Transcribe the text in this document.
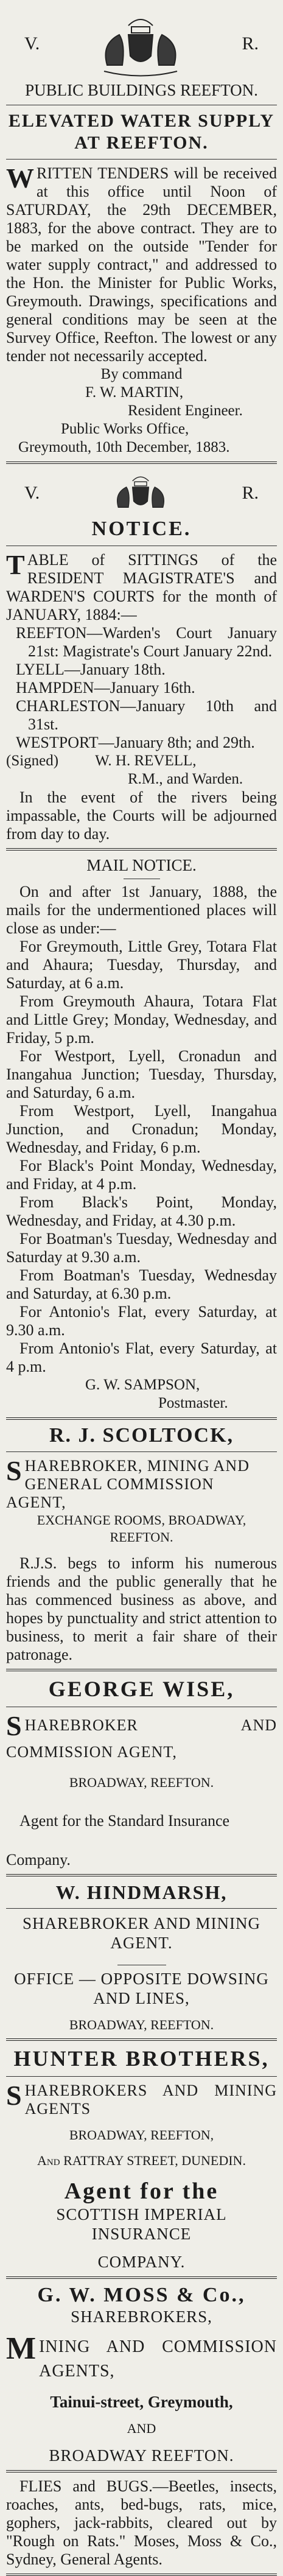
V.	R.
PUBLIC BUILDINGS REEFTON.
ELEVATED WATER SUPPLY AT REEFTON.

WRITTEN TENDERS will be received at this office until Noon of SATURDAY, the 29th DECEMBER, 1883, for the above contract. They are to be marked on the outside "Tender for water supply contract," and addressed to the Hon. the Minister for Public Works, Greymouth. Drawings, specifications and general conditions may be seen at the Survey Office, Reefton. The lowest or any tender not necessarily accepted.

By command
F. W. MARTIN,
Resident Engineer.
Public Works Office,
Greymouth, 10th December, 1883.
V.	R.
NOTICE.

TABLE of SITTINGS of the RESIDENT MAGISTRATE'S and WARDEN'S COURTS for the month of JANUARY, 1884:—

REEFTON—Warden's Court January 21st: Magistrate's Court January 22nd.

LYELL—January 18th.

HAMPDEN—January 16th.

CHARLESTON—January 10th and 31st.

WESTPORT—January 8th; and 29th.

(Signed) W. H. REVELL,
R.M., and Warden.

In the event of the rivers being impassable, the Courts will be adjourned from day to day.

MAIL NOTICE.

On and after 1st January, 1888, the mails for the undermentioned places will close as under:—

For Greymouth, Little Grey, Totara Flat and Ahaura; Tuesday, Thursday, and Saturday, at 6 a.m.

From Greymouth Ahaura, Totara Flat and Little Grey; Monday, Wednesday, and Friday, 5 p.m.

For Westport, Lyell, Cronadun and Inangahua Junction; Tuesday, Thursday, and Saturday, 6 a.m.

From Westport, Lyell, Inangahua Junction, and Cronadun; Monday, Wednesday, and Friday, 6 p.m.

For Black's Point Monday, Wednesday, and Friday, at 4 p.m.

From Black's Point, Monday, Wednesday, and Friday, at 4.30 p.m.

For Boatman's Tuesday, Wednesday and Saturday at 9.30 a.m.

From Boatman's Tuesday, Wednesday and Saturday, at 6.30 p.m.

For Antonio's Flat, every Saturday, at 9.30 a.m.

From Antonio's Flat, every Saturday, at 4 p.m.

G. W. SAMPSON,
Postmaster.
R. J. SCOLTOCK,

SHAREBROKER, MINING AND GENERAL COMMISSION AGENT,

EXCHANGE ROOMS, BROADWAY, REEFTON.

R.J.S. begs to inform his numerous friends and the public generally that he has commenced business as above, and hopes by punctuality and strict attention to business, to merit a fair share of their patronage.

GEORGE WISE,

SHAREBROKER AND COMMISSION AGENT,

BROADWAY, REEFTON.

Agent for the Standard Insurance

Company.

W. HINDMARSH,
SHAREBROKER AND MINING AGENT.
OFFICE — OPPOSITE DOWSING AND LINES,
BROADWAY, REEFTON.
HUNTER BROTHERS,

SHAREBROKERS AND MINING AGENTS

BROADWAY, REEFTON,
And RATTRAY STREET, DUNEDIN.
Agent for the
SCOTTISH IMPERIAL INSURANCE
COMPANY.
G. W. MOSS & Co.,
SHAREBROKERS,

MINING AND COMMISSION AGENTS,

Tainui-street, Greymouth,
AND
BROADWAY REEFTON.

FLIES and BUGS.—Beetles, insects, roaches, ants, bed-bugs, rats, mice, gophers, jack-rabbits, cleared out by "Rough on Rats." Moses, Moss & Co., Sydney, General Agents.
